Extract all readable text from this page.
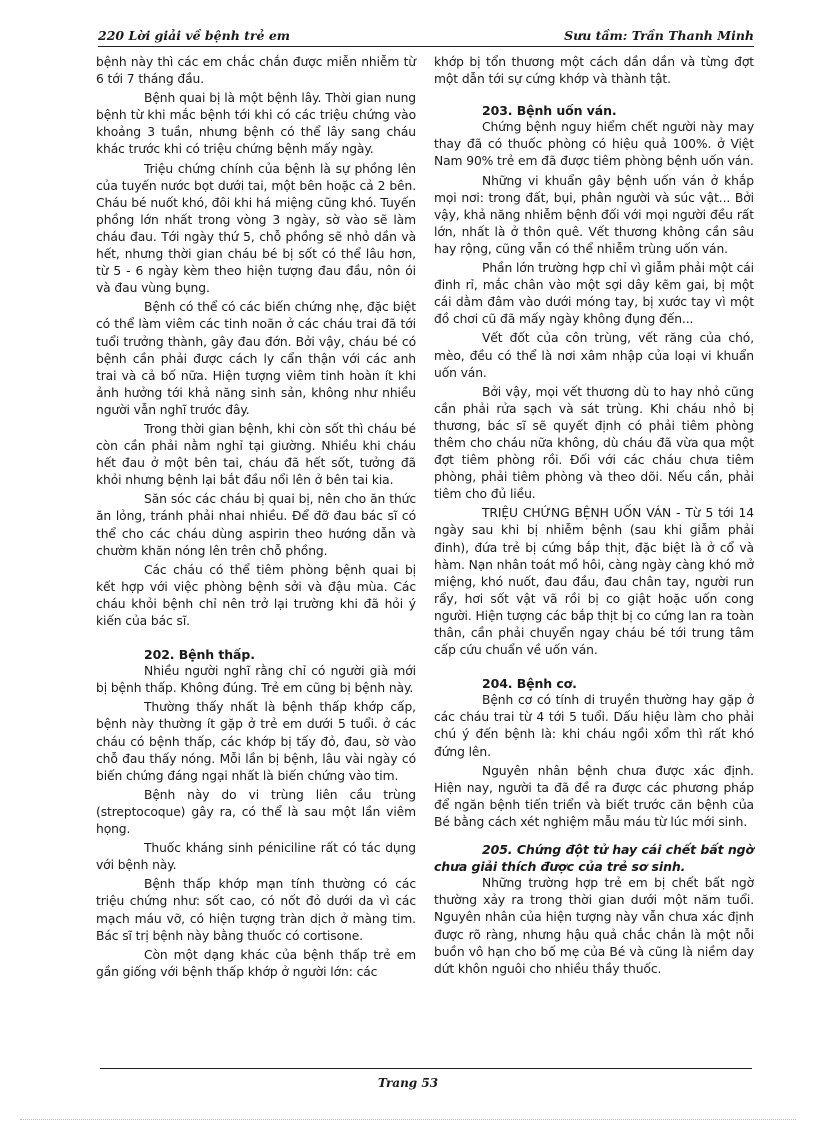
220 Lời giải về bệnh trẻ em	Sưu tầm: Trần Thanh Minh

bệnh này thì các em chắc chắn được miễn nhiễm từ 6 tới 7 tháng đầu.

Bệnh quai bị là một bệnh lây. Thời gian nung bệnh từ khi mắc bệnh tới khi có các triệu chứng vào khoảng 3 tuần, nhưng bệnh có thể lây sang cháu khác trước khi có triệu chứng bệnh mấy ngày.

Triệu chứng chính của bệnh là sự phồng lên của tuyến nước bọt dưới tai, một bên hoặc cả 2 bên. Cháu bé nuốt khó, đôi khi há miệng cũng khó. Tuyến phồng lớn nhất trong vòng 3 ngày, sờ vào sẽ làm cháu đau. Tới ngày thứ 5, chỗ phồng sẽ nhỏ dần và hết, nhưng thời gian cháu bé bị sốt có thể lâu hơn, từ 5 - 6 ngày kèm theo hiện tượng đau đầu, nôn ói và đau vùng bụng.

Bệnh có thể có các biến chứng nhẹ, đặc biệt có thể làm viêm các tinh noãn ở các cháu trai đã tới tuổi trưởng thành, gây đau đớn. Bởi vậy, cháu bé có bệnh cần phải được cách ly cẩn thận với các anh trai và cả bố nữa. Hiện tượng viêm tinh hoàn ít khi ảnh hưởng tới khả năng sinh sản, không như nhiều người vẫn nghĩ trước đây.

Trong thời gian bệnh, khi còn sốt thì cháu bé còn cần phải nằm nghỉ tại giường. Nhiều khi cháu hết đau ở một bên tai, cháu đã hết sốt, tưởng đã khỏi nhưng bệnh lại bắt đầu nổi lên ở bên tai kia.

Săn sóc các cháu bị quai bị, nên cho ăn thức ăn lỏng, tránh phải nhai nhiều. Để đỡ đau bác sĩ có thể cho các cháu dùng aspirin theo hướng dẫn và chườm khăn nóng lên trên chỗ phồng.

Các cháu có thể tiêm phòng bệnh quai bị kết hợp với việc phòng bệnh sởi và đậu mùa. Các cháu khỏi bệnh chỉ nên trở lại trường khi đã hỏi ý kiến của bác sĩ.

202. Bệnh thấp.

Nhiều người nghĩ rằng chỉ có người già mới bị bệnh thấp. Không đúng. Trẻ em cũng bị bệnh này.

Thường thấy nhất là bệnh thấp khớp cấp, bệnh này thường ít gặp ở trẻ em dưới 5 tuổi. ở các cháu có bệnh thấp, các khớp bị tấy đỏ, đau, sờ vào chỗ đau thấy nóng. Mỗi lần bị bệnh, lâu vài ngày có biến chứng đáng ngại nhất là biến chứng vào tim.

Bệnh này do vi trùng liên cầu trùng (streptocoque) gây ra, có thể là sau một lần viêm họng.

Thuốc kháng sinh péniciline rất có tác dụng với bệnh này.

Bệnh thấp khớp mạn tính thường có các triệu chứng như: sốt cao, có nốt đỏ dưới da vì các mạch máu vỡ, có hiện tượng tràn dịch ở màng tim. Bác sĩ trị bệnh này bằng thuốc có cortisone.

Còn một dạng khác của bệnh thấp trẻ em gần giống với bệnh thấp khớp ở người lớn: các

khớp bị tổn thương một cách dần dần và từng đợt một dẫn tới sự cứng khớp và thành tật.

203. Bệnh uốn ván.

Chứng bệnh nguy hiểm chết người này may thay đã có thuốc phòng có hiệu quả 100%. ở Việt Nam 90% trẻ em đã được tiêm phòng bệnh uốn ván.

Những vi khuẩn gây bệnh uốn ván ở khắp mọi nơi: trong đất, bụi, phân người và súc vật... Bởi vậy, khả năng nhiễm bệnh đối với mọi người đều rất lớn, nhất là ở thôn quê. Vết thương không cần sâu hay rộng, cũng vẫn có thể nhiễm trùng uốn ván.

Phần lớn trường hợp chỉ vì giẫm phải một cái đinh rỉ, mắc chân vào một sợi dây kẽm gai, bị một cái dằm đâm vào dưới móng tay, bị xước tay vì một đồ chơi cũ đã mấy ngày không đụng đến...

Vết đốt của côn trùng, vết răng của chó, mèo, đều có thể là nơi xâm nhập của loại vi khuẩn uốn ván.

Bởi vậy, mọi vết thương dù to hay nhỏ cũng cần phải rửa sạch và sát trùng. Khi cháu nhỏ bị thương, bác sĩ sẽ quyết định có phải tiêm phòng thêm cho cháu nữa không, dù cháu đã vừa qua một đợt tiêm phòng rồi. Đối với các cháu chưa tiêm phòng, phải tiêm phòng và theo dõi. Nếu cần, phải tiêm cho đủ liều.

TRIỆU CHỨNG BỆNH UỐN VÁN - Từ 5 tới 14 ngày sau khi bị nhiễm bệnh (sau khi giẫm phải đinh), đứa trẻ bị cứng bắp thịt, đặc biệt là ở cổ và hàm. Nạn nhân toát mồ hôi, càng ngày càng khó mở miệng, khó nuốt, đau đầu, đau chân tay, người run rẩy, hơi sốt vật vã rồi bị co giật hoặc uốn cong người. Hiện tượng các bắp thịt bị co cứng lan ra toàn thân, cần phải chuyển ngay cháu bé tới trung tâm cấp cứu chuẩn về uốn ván.

204. Bệnh cơ.

Bệnh cơ có tính di truyền thường hay gặp ở các cháu trai từ 4 tới 5 tuổi. Dấu hiệu làm cho phải chú ý đến bệnh là: khi cháu ngồi xổm thì rất khó đứng lên.

Nguyên nhân bệnh chưa được xác định. Hiện nay, người ta đã đề ra được các phương pháp để ngăn bệnh tiến triển và biết trước căn bệnh của Bé bằng cách xét nghiệm mẫu máu từ lúc mới sinh.

205. Chứng đột tử hay cái chết bất ngờ chưa giải thích được của trẻ sơ sinh.

Những trường hợp trẻ em bị chết bất ngờ thường xảy ra trong thời gian dưới một năm tuổi. Nguyên nhân của hiện tượng này vẫn chưa xác định được rõ ràng, nhưng hậu quả chắc chắn là một nỗi buồn vô hạn cho bố mẹ của Bé và cũng là niềm day dứt khôn nguôi cho nhiều thầy thuốc.

Trang 53
